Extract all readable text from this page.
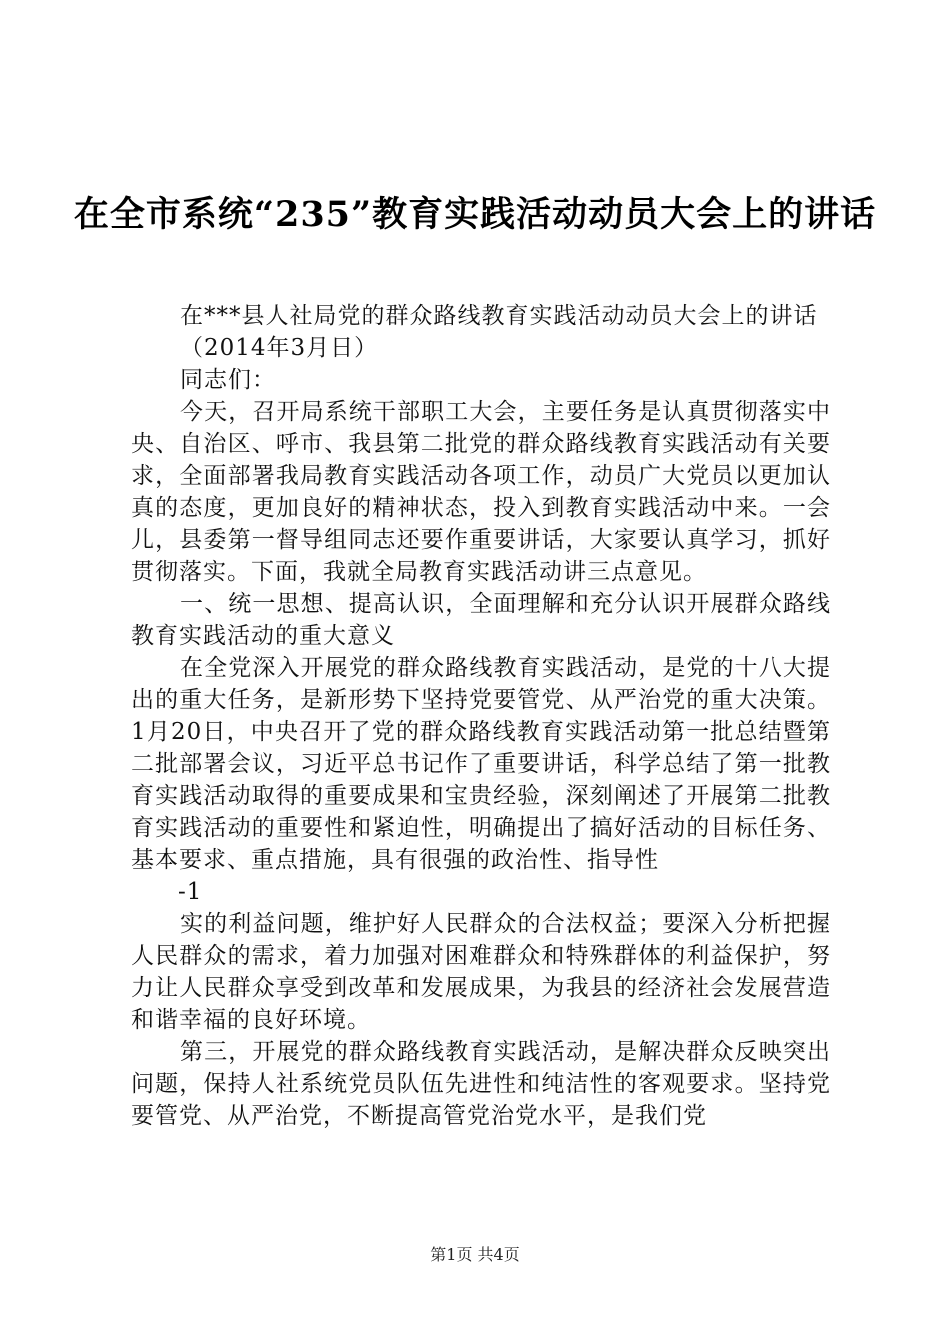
在全市系统“235”教育实践活动动员大会上的讲话

在***县人社局党的群众路线教育实践活动动员大会上的讲话

（2014年3月日）

同志们：

今天，召开局系统干部职工大会，主要任务是认真贯彻落实中央、自治区、呼市、我县第二批党的群众路线教育实践活动有关要求，全面部署我局教育实践活动各项工作，动员广大党员以更加认真的态度，更加良好的精神状态，投入到教育实践活动中来。一会儿，县委第一督导组同志还要作重要讲话，大家要认真学习，抓好贯彻落实。下面，我就全局教育实践活动讲三点意见。

一、统一思想、提高认识，全面理解和充分认识开展群众路线教育实践活动的重大意义

在全党深入开展党的群众路线教育实践活动，是党的十八大提出的重大任务，是新形势下坚持党要管党、从严治党的重大决策。1月20日，中央召开了党的群众路线教育实践活动第一批总结暨第二批部署会议，习近平总书记作了重要讲话，科学总结了第一批教育实践活动取得的重要成果和宝贵经验，深刻阐述了开展第二批教育实践活动的重要性和紧迫性，明确提出了搞好活动的目标任务、基本要求、重点措施，具有很强的政治性、指导性

-1

实的利益问题，维护好人民群众的合法权益；要深入分析把握人民群众的需求，着力加强对困难群众和特殊群体的利益保护，努力让人民群众享受到改革和发展成果，为我县的经济社会发展营造和谐幸福的良好环境。

第三，开展党的群众路线教育实践活动，是解决群众反映突出问题，保持人社系统党员队伍先进性和纯洁性的客观要求。坚持党要管党、从严治党，不断提高管党治党水平，是我们党

第1页 共4页
